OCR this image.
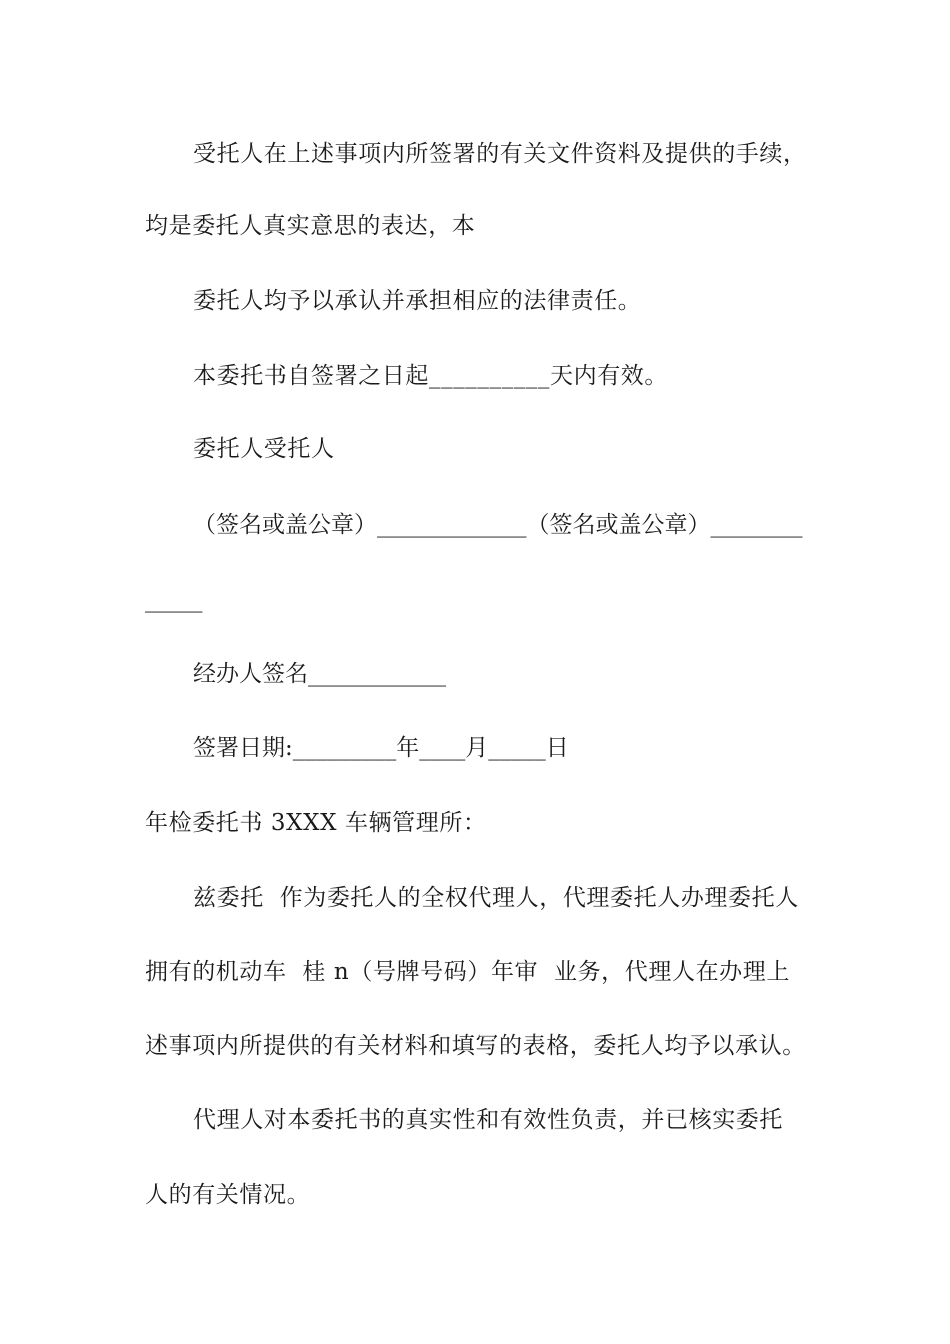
受托人在上述事项内所签署的有关文件资料及提供的手续，
均是委托人真实意思的表达，本
委托人均予以承认并承担相应的法律责任。
本委托书自签署之日起__________天内有效。
委托人受托人
（签名或盖公章）_____________（签名或盖公章）________
_____
经办人签名____________
签署日期:_________年____月_____日
年检委托书 3XXX 车辆管理所：
兹委托  作为委托人的全权代理人，代理委托人办理委托人
拥有的机动车  桂 n（号牌号码）年审  业务，代理人在办理上
述事项内所提供的有关材料和填写的表格，委托人均予以承认。
代理人对本委托书的真实性和有效性负责，并已核实委托
人的有关情况。
